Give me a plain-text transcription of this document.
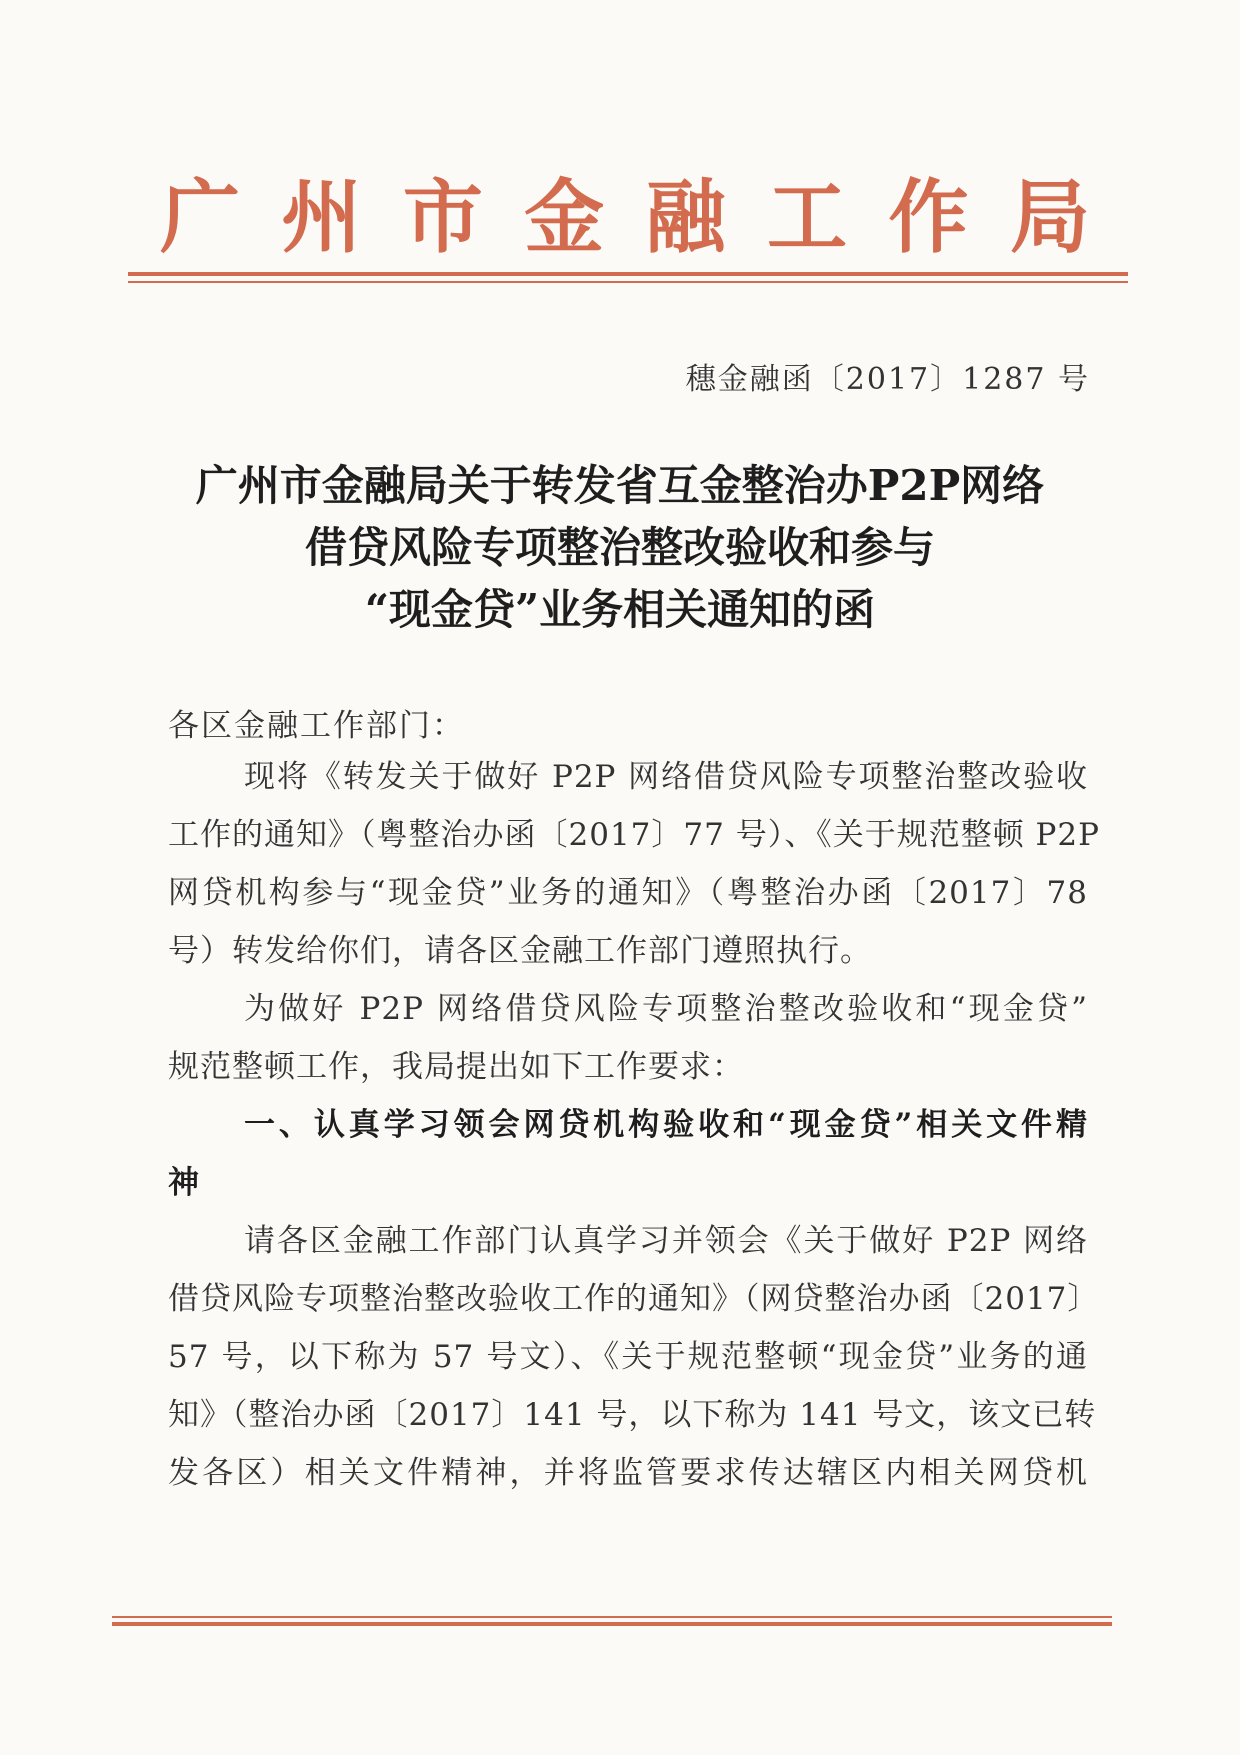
广 州 市 金 融 工 作 局
穗金融函〔2017〕1287 号
广州市金融局关于转发省互金整治办P2P网络
借贷风险专项整治整改验收和参与
“现金贷”业务相关通知的函
各区金融工作部门：
现将《转发关于做好 P2P 网络借贷风险专项整治整改验收
工作的通知》（粤整治办函〔2017〕77 号）、《关于规范整顿 P2P
网贷机构参与“现金贷”业务的通知》（粤整治办函〔2017〕78
号）转发给你们，请各区金融工作部门遵照执行。
为做好 P2P 网络借贷风险专项整治整改验收和“现金贷”
规范整顿工作，我局提出如下工作要求：
一、认真学习领会网贷机构验收和“现金贷”相关文件精
神
请各区金融工作部门认真学习并领会《关于做好 P2P 网络
借贷风险专项整治整改验收工作的通知》（网贷整治办函〔2017〕
57 号，以下称为 57 号文）、《关于规范整顿“现金贷”业务的通
知》（整治办函〔2017〕141 号，以下称为 141 号文，该文已转
发各区）相关文件精神，并将监管要求传达辖区内相关网贷机
